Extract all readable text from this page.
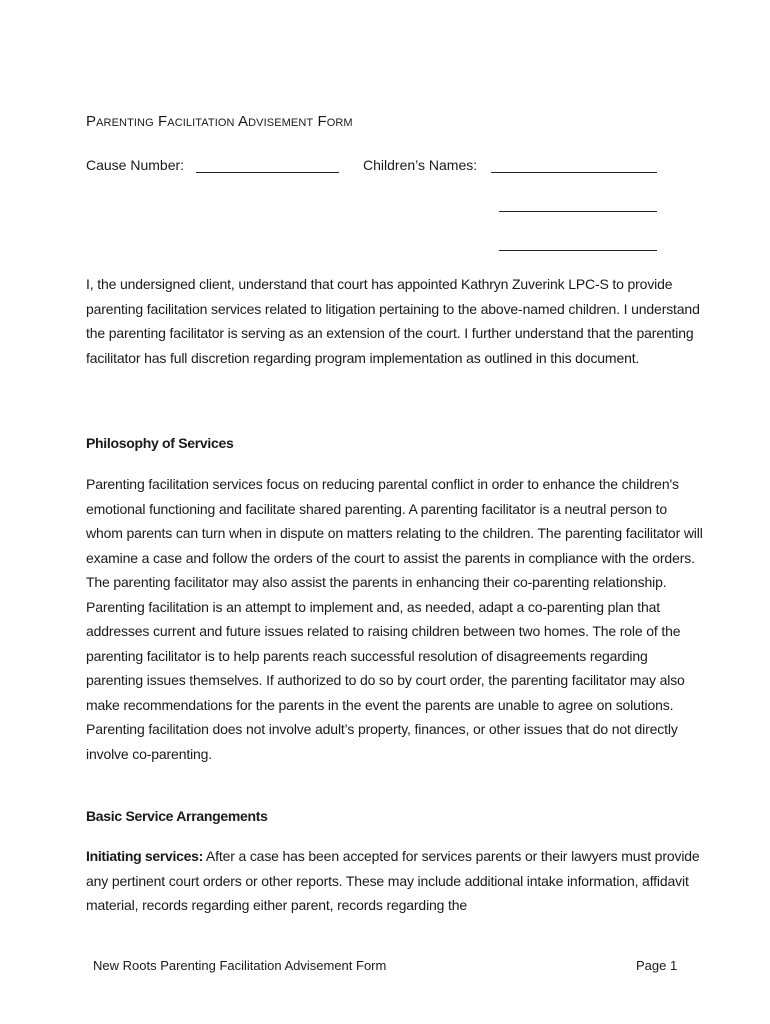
Parenting Facilitation Advisement Form
Cause Number:	Children’s Names:

I, the undersigned client, understand that court has appointed Kathryn Zuverink LPC-S to provide parenting facilitation services related to litigation pertaining to the above-named children. I understand the parenting facilitator is serving as an extension of the court. I further understand that the parenting facilitator has full discretion regarding program implementation as outlined in this document.

Philosophy of Services

Parenting facilitation services focus on reducing parental conflict in order to enhance the children's emotional functioning and facilitate shared parenting. A parenting facilitator is a neutral person to whom parents can turn when in dispute on matters relating to the children. The parenting facilitator will examine a case and follow the orders of the court to assist the parents in compliance with the orders. The parenting facilitator may also assist the parents in enhancing their co-parenting relationship.

Parenting facilitation is an attempt to implement and, as needed, adapt a co-parenting plan that addresses current and future issues related to raising children between two homes. The role of the parenting facilitator is to help parents reach successful resolution of disagreements regarding parenting issues themselves. If authorized to do so by court order, the parenting facilitator may also make recommendations for the parents in the event the parents are unable to agree on solutions. Parenting facilitation does not involve adult’s property, finances, or other issues that do not directly involve co-parenting.

Basic Service Arrangements

Initiating services: After a case has been accepted for services parents or their lawyers must provide any pertinent court orders or other reports. These may include additional intake information, affidavit material, records regarding either parent, records regarding the

New Roots Parenting Facilitation Advisement Form	Page 1
